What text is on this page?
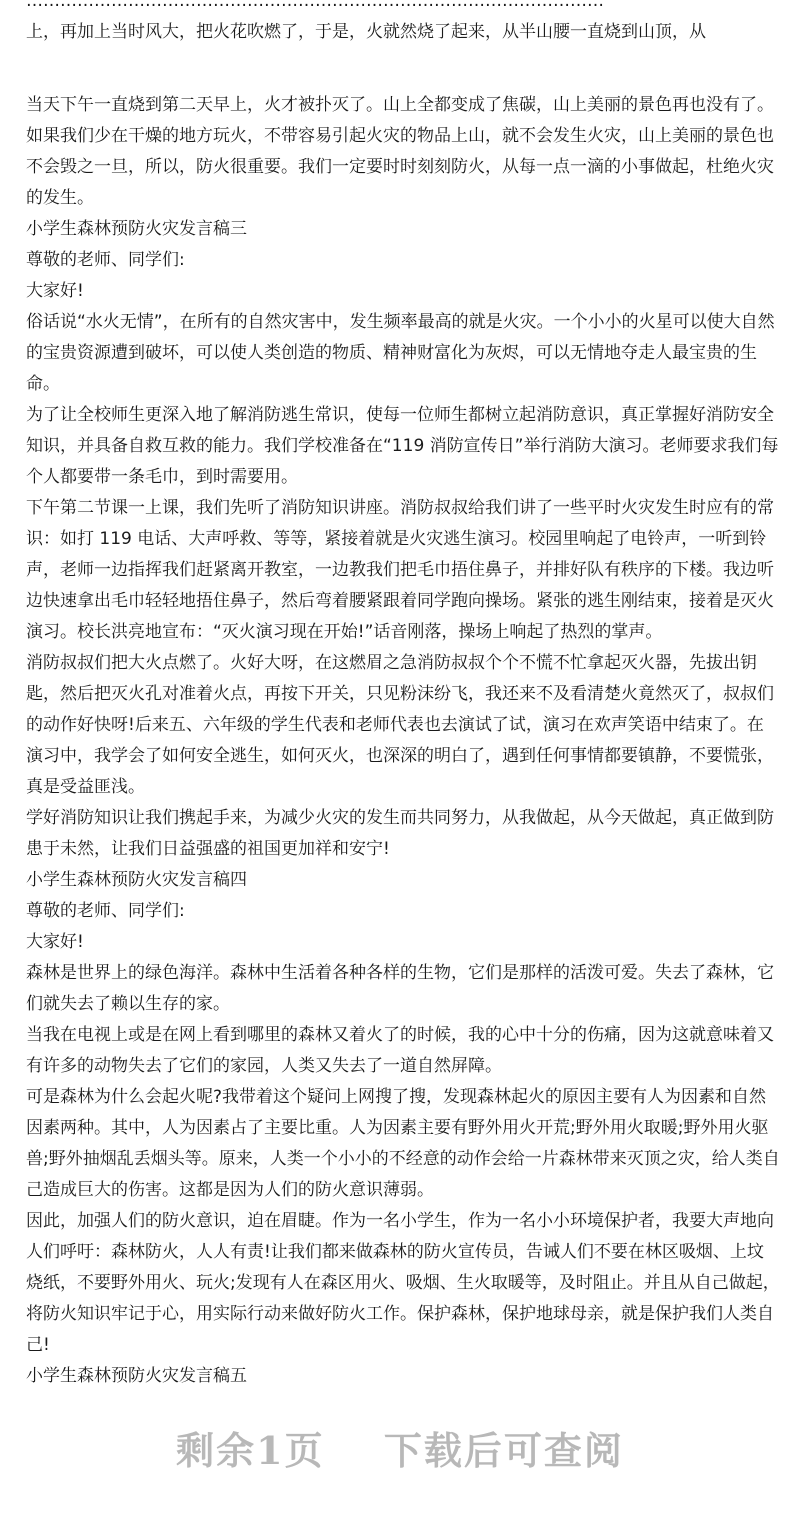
…………………………………………………………………………………………

上，再加上当时风大，把火花吹燃了，于是，火就然烧了起来，从半山腰一直烧到山顶，从

当天下午一直烧到第二天早上，火才被扑灭了。山上全都变成了焦碳，山上美丽的景色再也没有了。

如果我们少在干燥的地方玩火，不带容易引起火灾的物品上山，就不会发生火灾，山上美丽的景色也不会毁之一旦，所以，防火很重要。我们一定要时时刻刻防火，从每一点一滴的小事做起，杜绝火灾的发生。

小学生森林预防火灾发言稿三

尊敬的老师、同学们:

大家好!

俗话说“水火无情”，在所有的自然灾害中，发生频率最高的就是火灾。一个小小的火星可以使大自然的宝贵资源遭到破坏，可以使人类创造的物质、精神财富化为灰烬，可以无情地夺走人最宝贵的生命。

为了让全校师生更深入地了解消防逃生常识，使每一位师生都树立起消防意识，真正掌握好消防安全知识，并具备自救互救的能力。我们学校准备在“119 消防宣传日”举行消防大演习。老师要求我们每个人都要带一条毛巾，到时需要用。

下午第二节课一上课，我们先听了消防知识讲座。消防叔叔给我们讲了一些平时火灾发生时应有的常识：如打 119 电话、大声呼救、等等，紧接着就是火灾逃生演习。校园里响起了电铃声，一听到铃声，老师一边指挥我们赶紧离开教室，一边教我们把毛巾捂住鼻子，并排好队有秩序的下楼。我边听边快速拿出毛巾轻轻地捂住鼻子，然后弯着腰紧跟着同学跑向操场。紧张的逃生刚结束，接着是灭火演习。校长洪亮地宣布：“灭火演习现在开始!”话音刚落，操场上响起了热烈的掌声。

消防叔叔们把大火点燃了。火好大呀，在这燃眉之急消防叔叔个个不慌不忙拿起灭火器，先拔出钥匙，然后把灭火孔对准着火点，再按下开关，只见粉沫纷飞，我还来不及看清楚火竟然灭了，叔叔们的动作好快呀!后来五、六年级的学生代表和老师代表也去演试了试，演习在欢声笑语中结束了。在演习中，我学会了如何安全逃生，如何灭火，也深深的明白了，遇到任何事情都要镇静，不要慌张，真是受益匪浅。

学好消防知识让我们携起手来，为减少火灾的发生而共同努力，从我做起，从今天做起，真正做到防患于未然，让我们日益强盛的祖国更加祥和安宁!

小学生森林预防火灾发言稿四

尊敬的老师、同学们:

大家好!

森林是世界上的绿色海洋。森林中生活着各种各样的生物，它们是那样的活泼可爱。失去了森林，它们就失去了赖以生存的家。

当我在电视上或是在网上看到哪里的森林又着火了的时候，我的心中十分的伤痛，因为这就意味着又有许多的动物失去了它们的家园，人类又失去了一道自然屏障。

可是森林为什么会起火呢?我带着这个疑问上网搜了搜，发现森林起火的原因主要有人为因素和自然因素两种。其中，人为因素占了主要比重。人为因素主要有野外用火开荒;野外用火取暖;野外用火驱兽;野外抽烟乱丢烟头等。原来，人类一个小小的不经意的动作会给一片森林带来灭顶之灾，给人类自己造成巨大的伤害。这都是因为人们的防火意识薄弱。

因此，加强人们的防火意识，迫在眉睫。作为一名小学生，作为一名小小环境保护者，我要大声地向人们呼吁：森林防火，人人有责!让我们都来做森林的防火宣传员，告诫人们不要在林区吸烟、上坟烧纸，不要野外用火、玩火;发现有人在森区用火、吸烟、生火取暖等，及时阻止。并且从自己做起，将防火知识牢记于心，用实际行动来做好防火工作。保护森林，保护地球母亲，就是保护我们人类自己!

小学生森林预防火灾发言稿五

剩余1页 下载后可查阅
